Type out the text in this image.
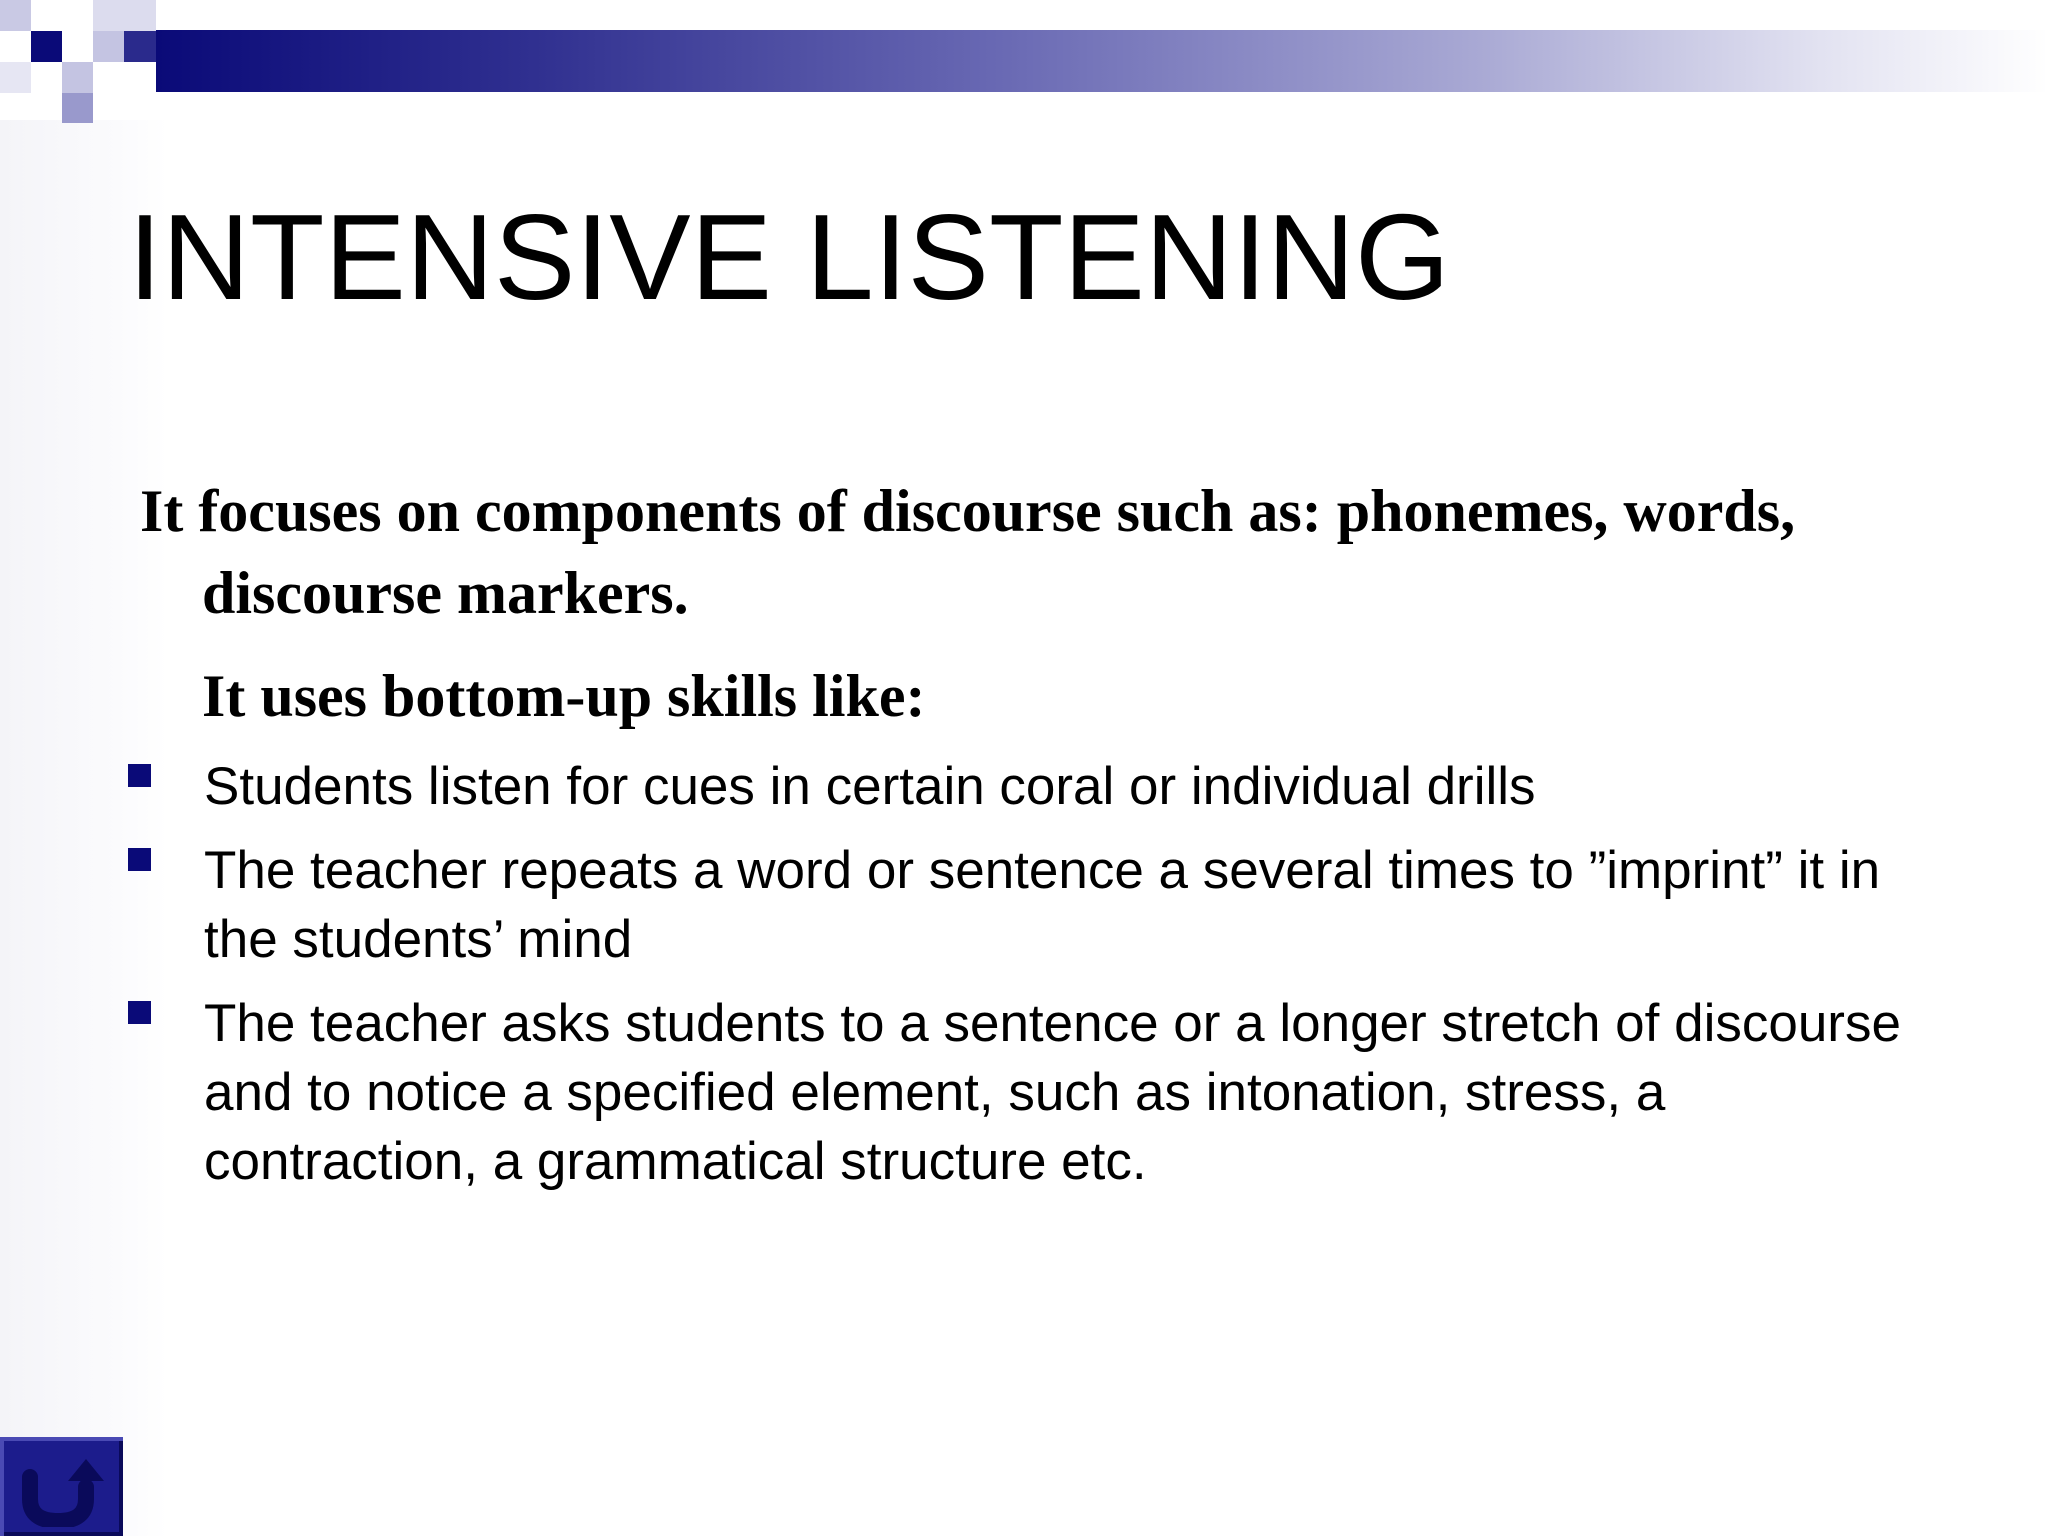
INTENSIVE LISTENING

It focuses on components of discourse such as: phonemes, words, discourse markers.

It uses bottom-up skills like:

Students listen for cues in certain coral or individual drills
The teacher repeats a word or sentence a several times to ”imprint” it in the students’ mind
The teacher asks students to a sentence or a longer stretch of discourse and to notice a specified element, such as intonation, stress, a contraction, a grammatical structure etc.
